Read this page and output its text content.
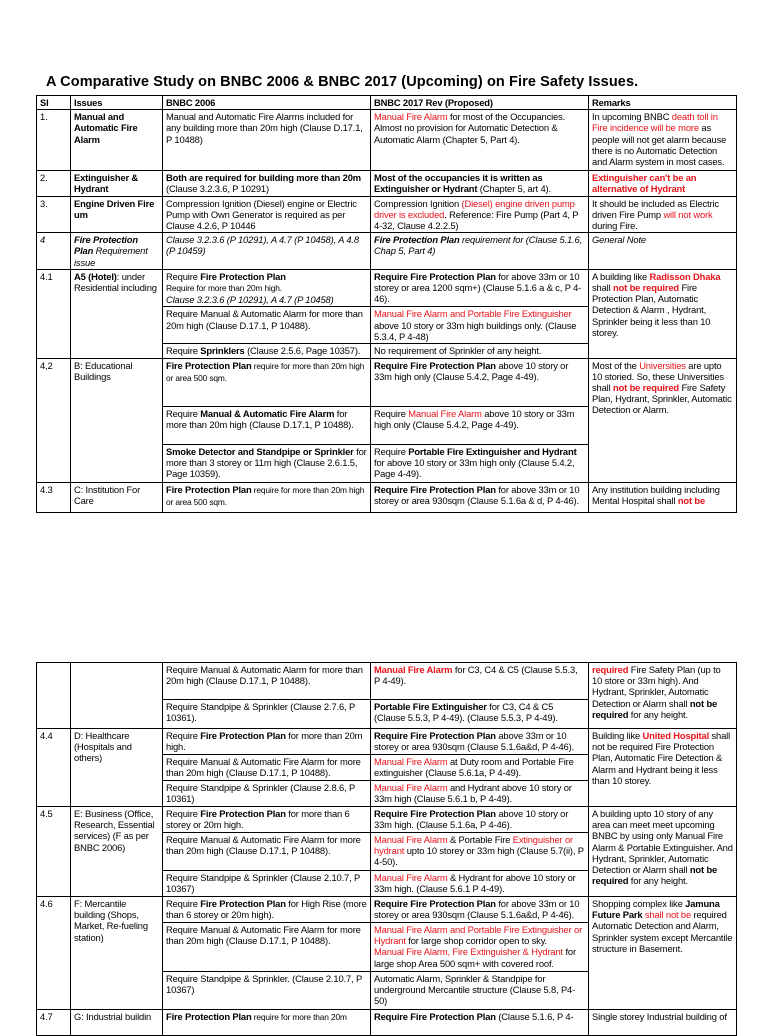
A Comparative Study on BNBC 2006 & BNBC 2017 (Upcoming) on Fire Safety Issues.
Sl	Issues	BNBC 2006	BNBC 2017 Rev (Proposed)	Remarks
1.	Manual and Automatic Fire Alarm	Manual and Automatic Fire Alarms included for any building more than 20m high (Clause D.17.1, P 10488)	Manual Fire Alarm for most of the Occupancies. Almost no provision for Automatic Detection & Automatic Alarm (Chapter 5, Part 4).	In upcoming BNBC death toll in Fire incidence will be more as people will not get alarm because there is no Automatic Detection and Alarm system in most cases.
2.	Extinguisher & Hydrant	Both are required for building more than 20m (Clause 3.2.3.6, P 10291)	Most of the occupancies it is written as Extinguisher or Hydrant (Chapter 5, art 4).	Extinguisher can't be an alternative of Hydrant
3.	Engine Driven Fire um	Compression Ignition (Diesel) engine or Electric Pump with Own Generator is required as per Clause 4.2.6, P 10446	Compression Ignition (Diesel) engine driven pump driver is excluded. Reference: Fire Pump (Part 4, P 4-32, Clause 4.2.2.5)	It should be included as Electric driven Fire Pump will not work during Fire.
4	Fire Protection Plan Requirement issue	Clause 3.2.3.6 (P 10291), A 4.7 (P 10458), A 4.8 (P 10459)	Fire Protection Plan requirement for (Clause 5.1.6, Chap 5, Part 4)	General Note
4.1	A5 (Hotel): under Residential including	Require Fire Protection Plan
Require for more than 20m high.
Clause 3.2.3.6 (P 10291), A 4.7 (P 10458)	Require Fire Protection Plan for above 33m or 10 storey or area 1200 sqm+) (Clause 5.1.6 a & c, P 4-46).	A building like Radisson Dhaka shall not be required Fire Protection Plan, Automatic Detection & Alarm , Hydrant, Sprinkler being it less than 10 storey.
		Require Manual & Automatic Alarm for more than 20m high (Clause D.17.1, P 10488).	Manual Fire Alarm and Portable Fire Extinguisher above 10 story or 33m high buildings only. (Clause 5.3.4, P 4-48)	
		Require Sprinklers (Clause 2.5.6, Page 10357).	No requirement of Sprinkler of any height.	
4,2	B: Educational Buildings	Fire Protection Plan require for more than 20m high or area 500 sqm.	Require Fire Protection Plan above 10 story or 33m high only (Clause 5.4.2, Page 4-49).	Most of the Universities are upto 10 storied. So, these Universities shall not be required Fire Safety Plan, Hydrant, Sprinkler, Automatic Detection or Alarm.
		Require Manual & Automatic Fire Alarm for more than 20m high (Clause D.17.1, P 10488).	Require Manual Fire Alarm above 10 story or 33m high only (Clause 5.4.2, Page 4-49).	
		Smoke Detector and Standpipe or Sprinkler for more than 3 storey or 11m high (Clause 2.6.1.5, Page 10359).	Require Portable Fire Extinguisher and Hydrant for above 10 story or 33m high only (Clause 5.4.2, Page 4-49).	
4.3	C: Institution For Care	Fire Protection Plan require for more than 20m high or area 500 sqm.	Require Fire Protection Plan for above 33m or 10 storey or area 930sqm (Clause 5.1.6a & d, P 4-46).	Any institution building including Mental Hospital shall not be
		Require Manual & Automatic Alarm for more than 20m high (Clause D.17.1, P 10488).	Manual Fire Alarm for C3, C4 & C5 (Clause 5.5.3, P 4-49).	required Fire Safety Plan (up to 10 store or 33m high). And Hydrant, Sprinkler, Automatic Detection or Alarm shall not be required for any height.
		Require Standpipe & Sprinkler (Clause 2.7.6, P 10361).	Portable Fire Extinguisher for C3, C4 & C5 (Clause 5.5.3, P 4-49). (Clause 5.5.3, P 4-49).	
4.4	D: Healthcare (Hospitals and others)	Require Fire Protection Plan for more than 20m high.	Require Fire Protection Plan above 33m or 10 storey or area 930sqm (Clause 5.1.6a&d, P 4-46).	Building like United Hospital shall not be required Fire Protection Plan, Automatic Fire Detection & Alarm and Hydrant being it less than 10 storey.
		Require Manual & Automatic Fire Alarm for more than 20m high (Clause D.17.1, P 10488).	Manual Fire Alarm at Duty room and Portable Fire extinguisher (Clause 5.6.1a, P 4-49).	
		Require Standpipe & Sprinkler (Clause 2.8.6, P 10361)	Manual Fire Alarm and Hydrant above 10 story or 33m high (Clause 5.6.1 b, P 4-49).	
4.5	E: Business (Office, Research, Essential services) (F as per BNBC 2006)	Require Fire Protection Plan for more than 6 storey or 20m high.	Require Fire Protection Plan above 10 story or 33m high. (Clause 5.1.6a, P 4-46).	A building upto 10 story of any area can meet meet upcoming BNBC by using only Manual Fire Alarm & Portable Extinguisher. And Hydrant, Sprinkler, Automatic Detection or Alarm shall not be required for any height.
		Require Manual & Automatic Fire Alarm for more than 20m high (Clause D.17.1, P 10488).	Manual Fire Alarm & Portable Fire Extinguisher or hydrant upto 10 storey or 33m high (Clause 5.7(ii), P 4-50).	
		Require Standpipe & Sprinkler (Clause 2.10.7, P 10367)	Manual Fire Alarm & Hydrant for above 10 story or 33m high. (Clause 5.6.1 P 4-49).	
4.6	F: Mercantile building (Shops, Market, Re-fueling station)	Require Fire Protection Plan for High Rise (more than 6 storey or 20m high).	Require Fire Protection Plan for above 33m or 10 storey or area 930sqm (Clause 5.1.6a&d, P 4-46).	Shopping complex like Jamuna Future Park shall not be required Automatic Detection and Alarm, Sprinkler system except Mercantile structure in Basement.
		Require Manual & Automatic Fire Alarm for more than 20m high (Clause D.17.1, P 10488).	Manual Fire Alarm and Portable Fire Extinguisher or Hydrant for large shop corridor open to sky.
Manual Fire Alarm, Fire Extinguisher & Hydrant for large shop Area 500 sqm+ with covered roof.	
		Require Standpipe & Sprinkler. (Clause 2.10.7, P 10367)	Automatic Alarm, Sprinkler & Standpipe for underground Mercantile structure (Clause 5.8, P4-50)	
4.7	G: Industrial buildin	Fire Protection Plan require for more than 20m	Require Fire Protection Plan (Clause 5.1.6, P 4-	Single storey Industrial building of
